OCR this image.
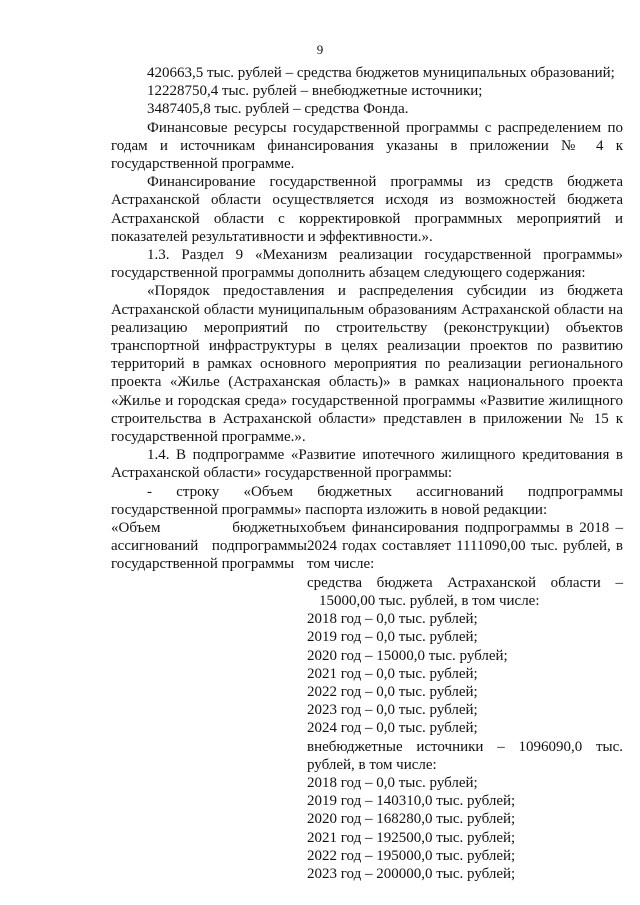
9

420663,5 тыс. рублей – средства бюджетов муниципальных образований;

12228750,4 тыс. рублей – внебюджетные источники;

3487405,8 тыс. рублей – средства Фонда.

Финансовые ресурсы государственной программы с распределением по годам и источникам финансирования указаны в приложении № 4 к государственной программе.

Финансирование государственной программы из средств бюджета Астраханской области осуществляется исходя из возможностей бюджета Астраханской области с корректировкой программных мероприятий и показателей результативности и эффективности.».

1.3. Раздел 9 «Механизм реализации государственной программы» государственной программы дополнить абзацем следующего содержания:

«Порядок предоставления и распределения субсидии из бюджета Астраханской области муниципальным образованиям Астраханской области на реализацию мероприятий по строительству (реконструкции) объектов транспортной инфраструктуры в целях реализации проектов по развитию территорий в рамках основного мероприятия по реализации регионального проекта «Жилье (Астраханская область)» в рамках национального проекта «Жилье и городская среда» государственной программы «Развитие жилищного строительства в Астраханской области» представлен в приложении № 15 к государственной программе.».

1.4. В подпрограмме «Развитие ипотечного жилищного кредитования в Астраханской области» государственной программы:

- строку «Объем бюджетных ассигнований подпрограммы государственной программы» паспорта изложить в новой редакции:

«Объем бюджетных ассигнований подпрограммы государственной программы

объем финансирования подпрограммы в 2018 – 2024 годах составляет 1111090,00 тыс. рублей, в том числе:

средства бюджета Астраханской области – 15000,00 тыс. рублей, в том числе:

2018 год – 0,0 тыс. рублей;

2019 год – 0,0 тыс. рублей;

2020 год – 15000,0 тыс. рублей;

2021 год – 0,0 тыс. рублей;

2022 год – 0,0 тыс. рублей;

2023 год – 0,0 тыс. рублей;

2024 год – 0,0 тыс. рублей;

внебюджетные источники – 1096090,0 тыс. рублей, в том числе:

2018 год – 0,0 тыс. рублей;

2019 год – 140310,0 тыс. рублей;

2020 год – 168280,0 тыс. рублей;

2021 год – 192500,0 тыс. рублей;

2022 год – 195000,0 тыс. рублей;

2023 год – 200000,0 тыс. рублей;
